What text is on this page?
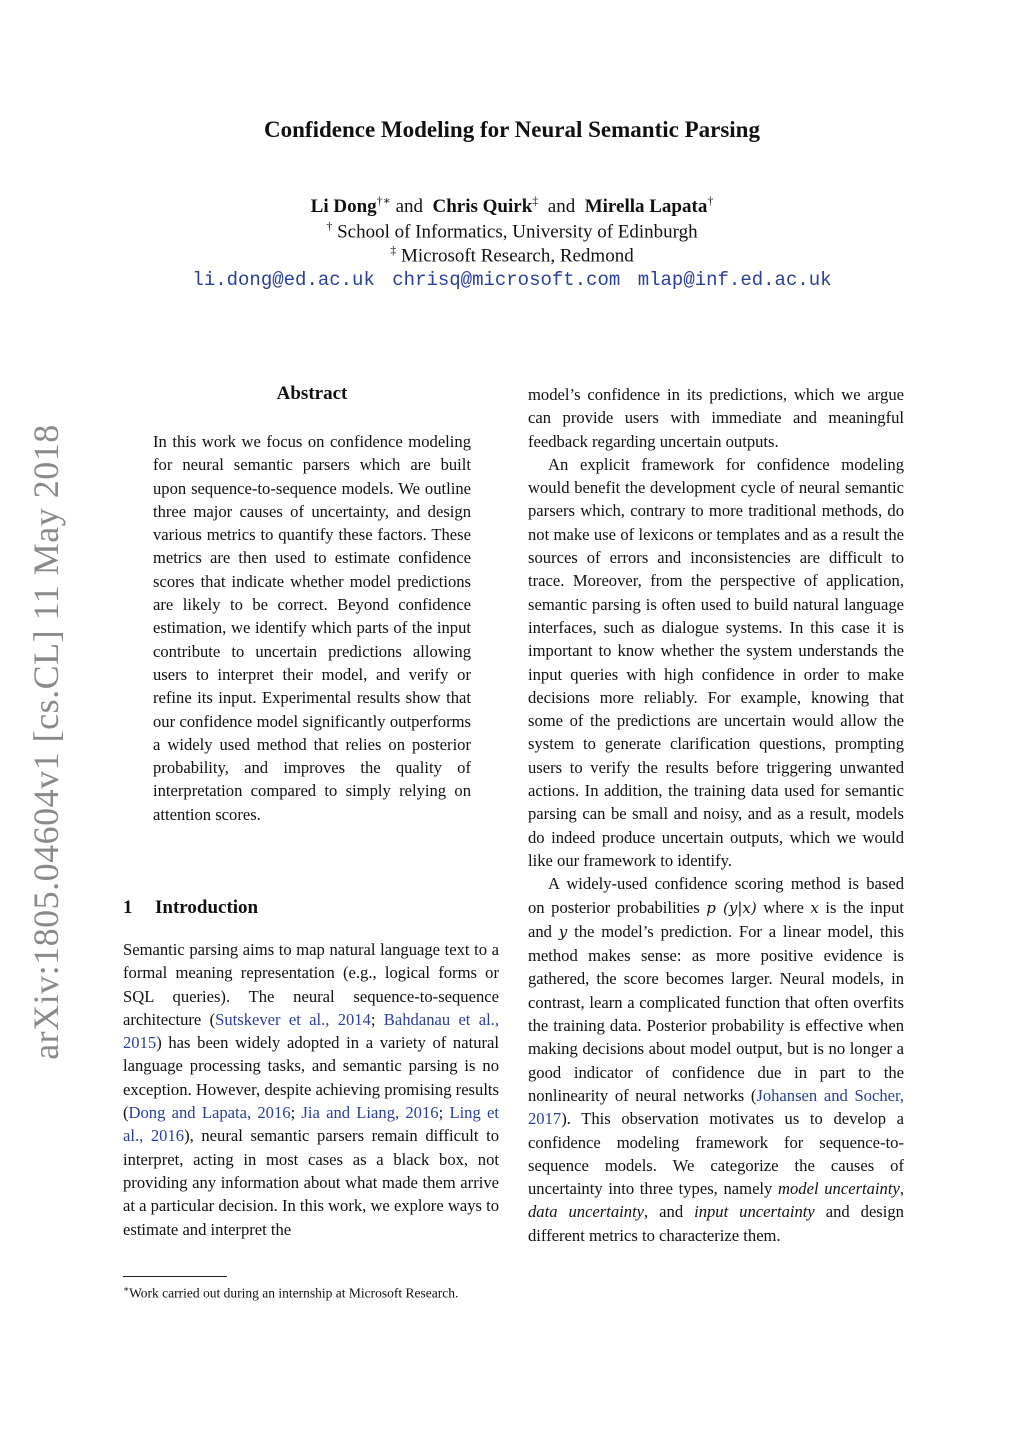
arXiv:1805.04604v1 [cs.CL] 11 May 2018
Confidence Modeling for Neural Semantic Parsing
Li Dong†∗ and Chris Quirk‡ and Mirella Lapata†
† School of Informatics, University of Edinburgh
‡ Microsoft Research, Redmond
li.dong@ed.ac.uk chrisq@microsoft.com mlap@inf.ed.ac.uk
Abstract
In this work we focus on confidence modeling for neural semantic parsers which are built upon sequence-to-sequence models. We outline three major causes of uncertainty, and design various metrics to quantify these factors. These metrics are then used to estimate confidence scores that indicate whether model predictions are likely to be correct. Beyond confidence estimation, we identify which parts of the input contribute to uncertain predictions allowing users to interpret their model, and verify or refine its input. Experimental results show that our confidence model significantly outperforms a widely used method that relies on posterior probability, and improves the quality of interpretation compared to simply relying on attention scores.
1 Introduction
Semantic parsing aims to map natural language text to a formal meaning representation (e.g., logical forms or SQL queries). The neural sequence-to-sequence architecture (Sutskever et al., 2014; Bahdanau et al., 2015) has been widely adopted in a variety of natural language processing tasks, and semantic parsing is no exception. However, despite achieving promising results (Dong and Lapata, 2016; Jia and Liang, 2016; Ling et al., 2016), neural semantic parsers remain difficult to interpret, acting in most cases as a black box, not providing any information about what made them arrive at a particular decision. In this work, we explore ways to estimate and interpret the
∗Work carried out during an internship at Microsoft Research.

model’s confidence in its predictions, which we argue can provide users with immediate and meaningful feedback regarding uncertain outputs.

An explicit framework for confidence modeling would benefit the development cycle of neural semantic parsers which, contrary to more traditional methods, do not make use of lexicons or templates and as a result the sources of errors and inconsistencies are difficult to trace. Moreover, from the perspective of application, semantic parsing is often used to build natural language interfaces, such as dialogue systems. In this case it is important to know whether the system understands the input queries with high confidence in order to make decisions more reliably. For example, knowing that some of the predictions are uncertain would allow the system to generate clarification questions, prompting users to verify the results before triggering unwanted actions. In addition, the training data used for semantic parsing can be small and noisy, and as a result, models do indeed produce uncertain outputs, which we would like our framework to identify.

A widely-used confidence scoring method is based on posterior probabilities p (y|x) where x is the input and y the model’s prediction. For a linear model, this method makes sense: as more positive evidence is gathered, the score becomes larger. Neural models, in contrast, learn a complicated function that often overfits the training data. Posterior probability is effective when making decisions about model output, but is no longer a good indicator of confidence due in part to the nonlinearity of neural networks (Johansen and Socher, 2017). This observation motivates us to develop a confidence modeling framework for sequence-to-sequence models. We categorize the causes of uncertainty into three types, namely model uncertainty, data uncertainty, and input uncertainty and design different metrics to characterize them.
